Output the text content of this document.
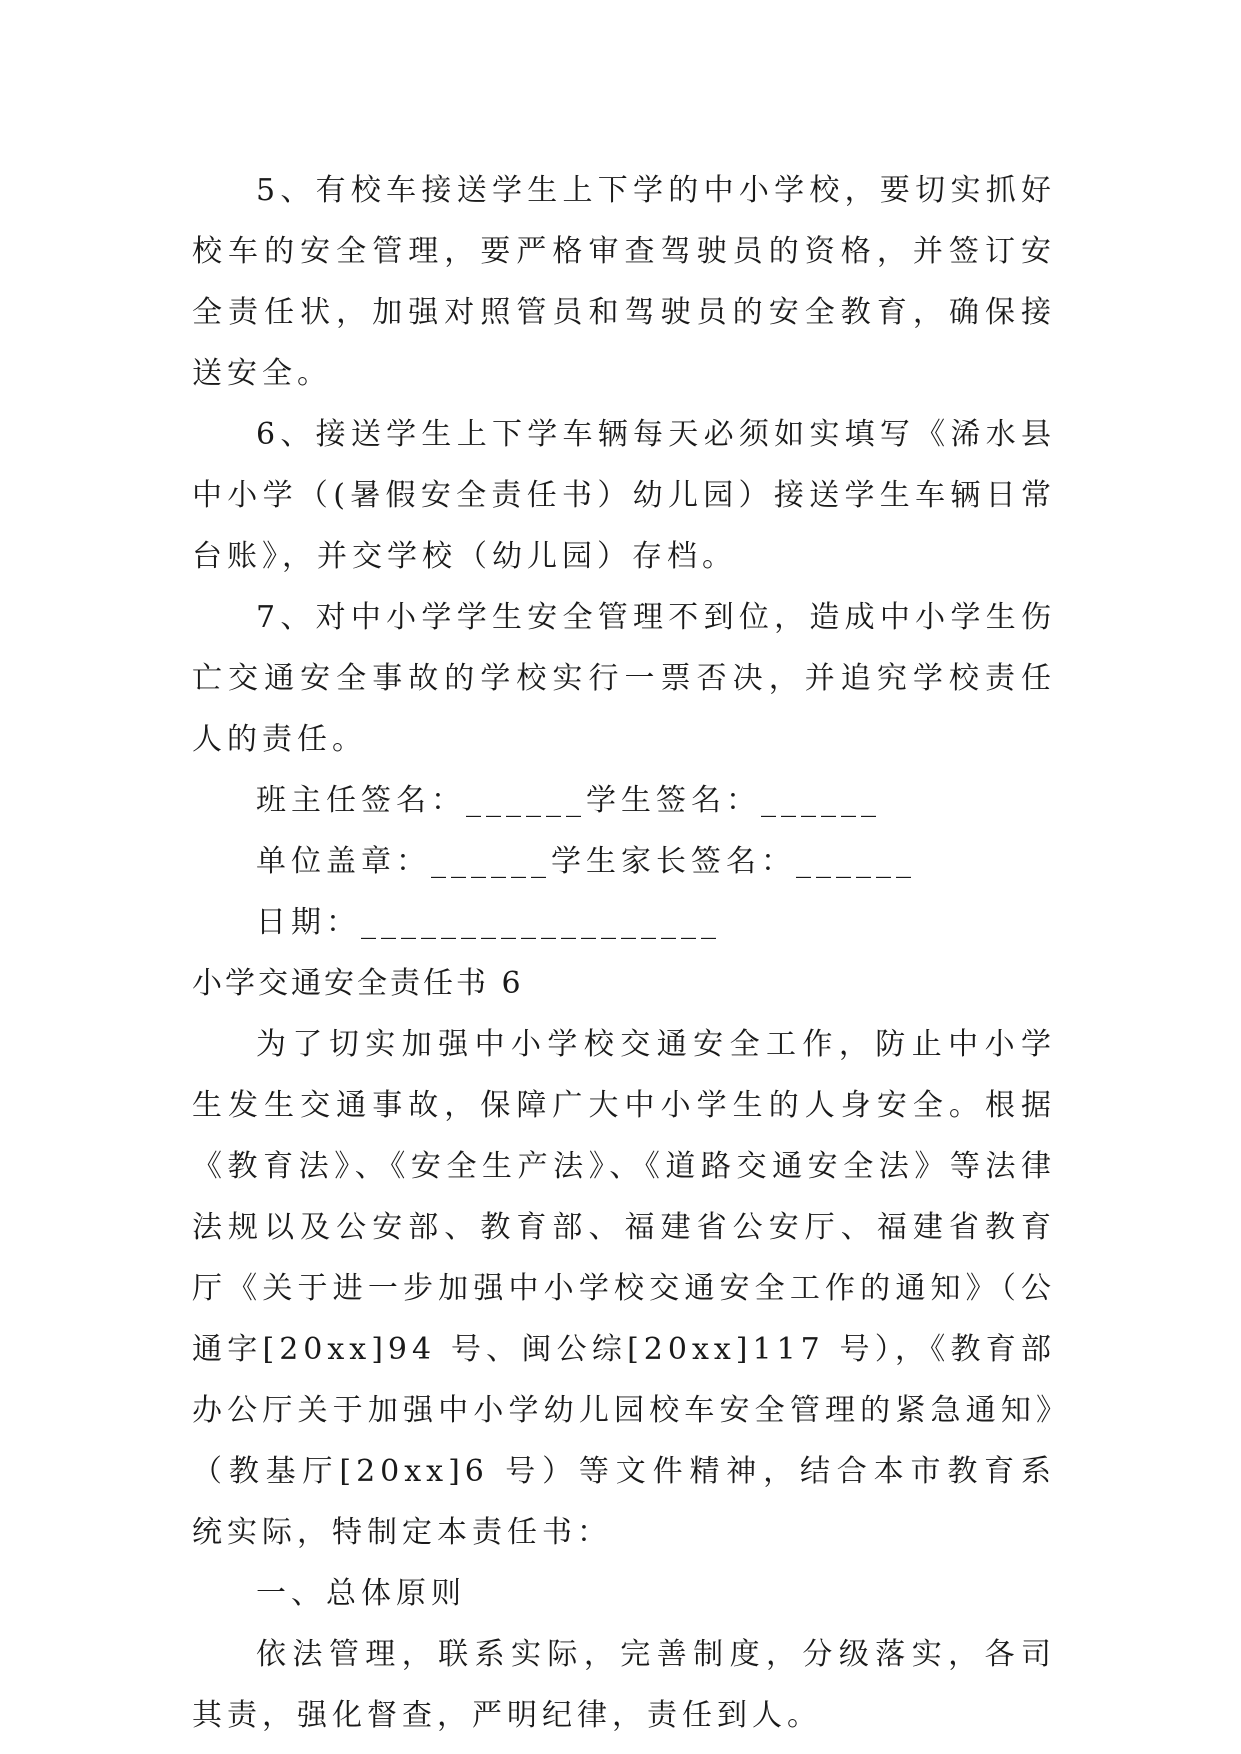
5、有校车接送学生上下学的中小学校，要切实抓好校车的安全管理，要严格审查驾驶员的资格，并签订安全责任状，加强对照管员和驾驶员的安全教育，确保接送安全。

6、接送学生上下学车辆每天必须如实填写《浠水县中小学（(暑假安全责任书）幼儿园）接送学生车辆日常台账》，并交学校（幼儿园）存档。

7、对中小学学生安全管理不到位，造成中小学生伤亡交通安全事故的学校实行一票否决，并追究学校责任人的责任。

班主任签名：______学生签名：______

单位盖章：______学生家长签名：______

日期：__________________

小学交通安全责任书 6

为了切实加强中小学校交通安全工作，防止中小学生发生交通事故，保障广大中小学生的人身安全。根据《教育法》、《安全生产法》、《道路交通安全法》等法律法规以及公安部、教育部、福建省公安厅、福建省教育厅《关于进一步加强中小学校交通安全工作的通知》（公通字[20xx]94 号、闽公综[20xx]117 号），《教育部办公厅关于加强中小学幼儿园校车安全管理的紧急通知》（教基厅[20xx]6 号）等文件精神，结合本市教育系统实际，特制定本责任书：

一、总体原则

依法管理，联系实际，完善制度，分级落实，各司其责，强化督查，严明纪律，责任到人。
